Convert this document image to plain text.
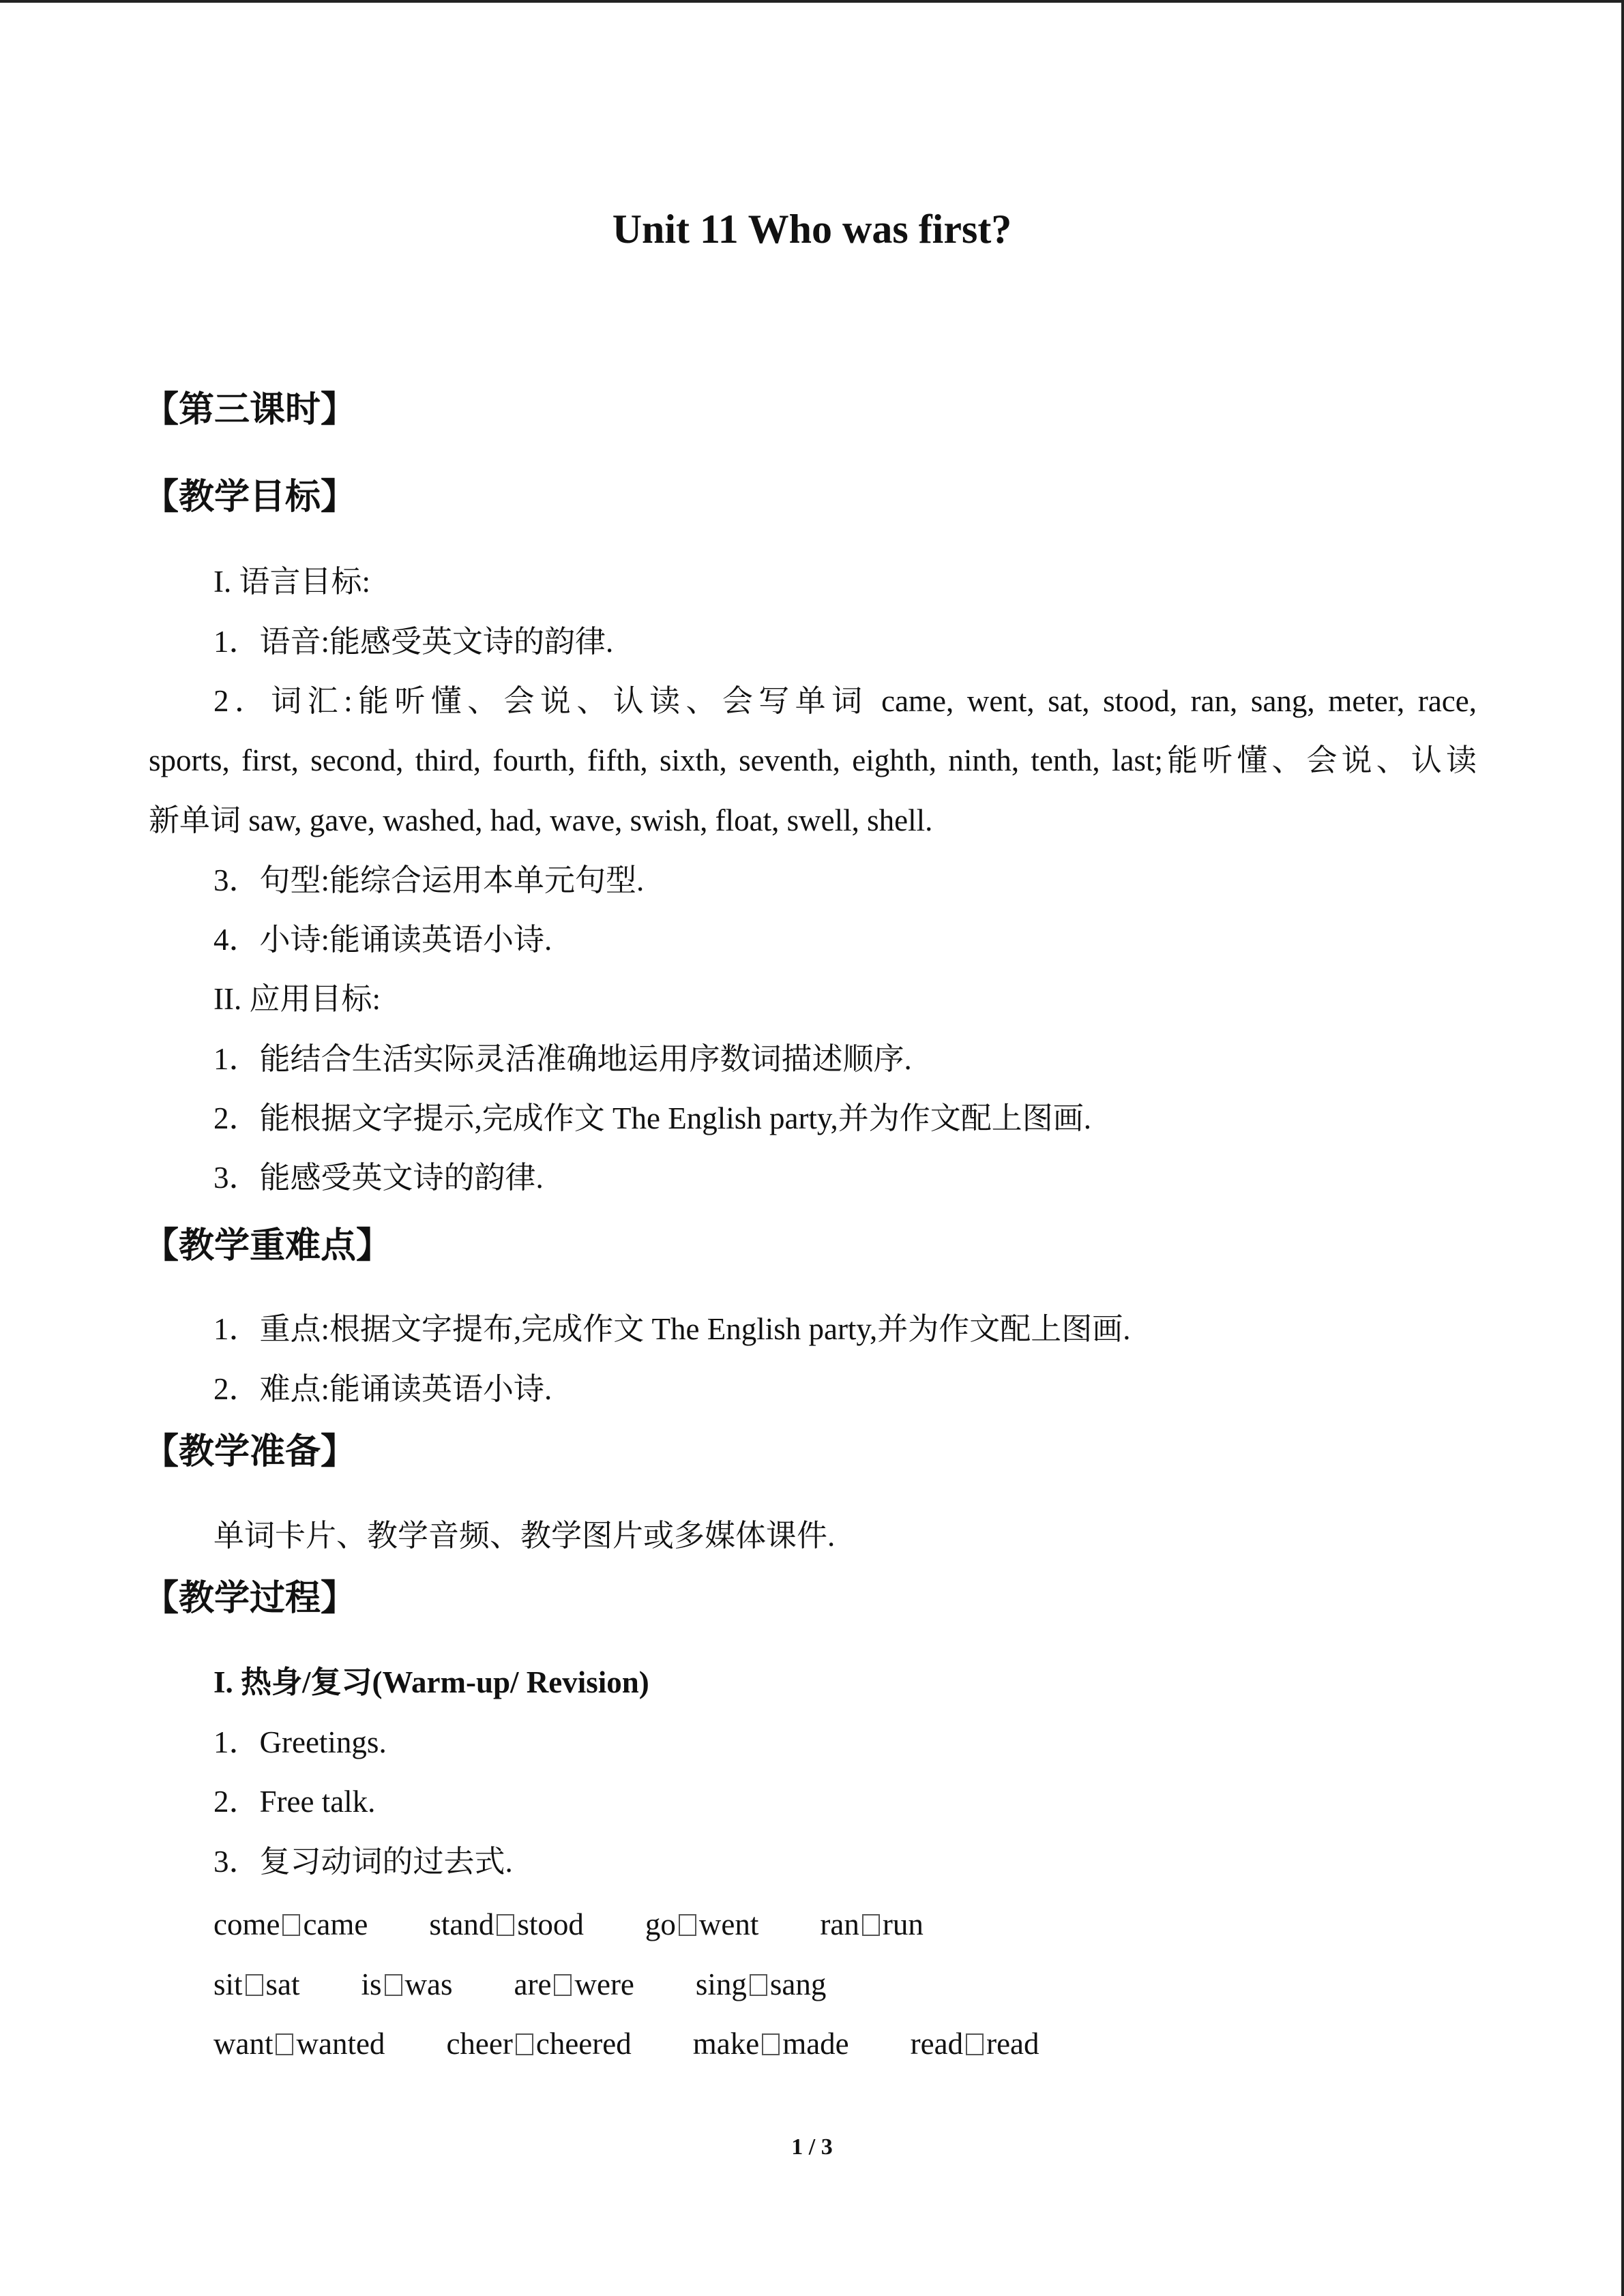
Unit 11 Who was first?

【第三课时】

【教学目标】

I. 语言目标:

1．语音:能感受英文诗的韵律.

2．词汇:能听懂、会说、认读、会写单词 came, went, sat, stood, ran, sang, meter, race,

sports, first, second, third, fourth, fifth, sixth, seventh, eighth, ninth, tenth, last;能听懂、会说、认读

新单词 saw, gave, washed, had, wave, swish, float, swell, shell.

3．句型:能综合运用本单元句型.

4．小诗:能诵读英语小诗.

II. 应用目标:

1．能结合生活实际灵活准确地运用序数词描述顺序.

2．能根据文字提示,完成作文 The English party,并为作文配上图画.

3．能感受英文诗的韵律.

【教学重难点】

1．重点:根据文字提布,完成作文 The English party,并为作文配上图画.

2．难点:能诵读英语小诗.

【教学准备】

单词卡片、教学音频、教学图片或多媒体课件.

【教学过程】

I. 热身/复习(Warm-up/ Revision)

1．Greetings.

2．Free talk.

3．复习动词的过去式.

come came stand stood go went ran run

sit sat is was are were sing sang

want wanted cheer cheered make made read read

1 / 3
